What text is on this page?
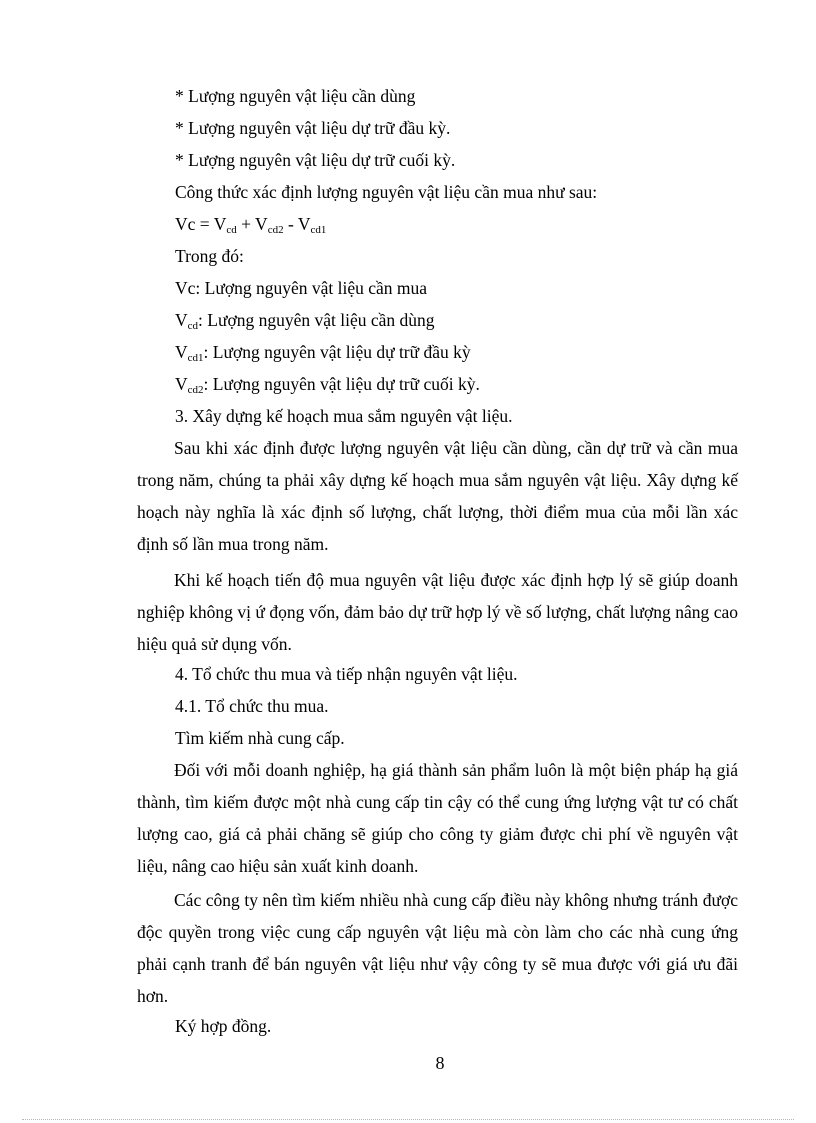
* Lượng nguyên vật liệu cần dùng
* Lượng nguyên vật liệu dự trữ đầu kỳ.
* Lượng nguyên vật liệu dự trữ cuối kỳ.
Công thức xác định lượng nguyên vật liệu cần mua như sau:
$Vc = V_{cd} + V_{cd2} - V_{cd1}$
Trong đó:
Vc: Lượng nguyên vật liệu cần mua
$V_{cd}$: Lượng nguyên vật liệu cần dùng
$V_{cd1}$: Lượng nguyên vật liệu dự trữ đầu kỳ
$V_{cd2}$: Lượng nguyên vật liệu dự trữ cuối kỳ.
3. Xây dựng kế hoạch mua sắm nguyên vật liệu.
Sau khi xác định được lượng nguyên vật liệu cần dùng, cần dự trữ và cần mua trong năm, chúng ta phải xây dựng kế hoạch mua sắm nguyên vật liệu. Xây dựng kế hoạch này nghĩa là xác định số lượng, chất lượng, thời điểm mua của mỗi lần xác định số lần mua trong năm.
Khi kế hoạch tiến độ mua nguyên vật liệu được xác định hợp lý sẽ giúp doanh nghiệp không vị ứ đọng vốn, đảm bảo dự trữ hợp lý về số lượng, chất lượng nâng cao hiệu quả sử dụng vốn.
4. Tổ chức thu mua và tiếp nhận nguyên vật liệu.
4.1. Tổ chức thu mua.
Tìm kiếm nhà cung cấp.
Đối với mỗi doanh nghiệp, hạ giá thành sản phẩm luôn là một biện pháp hạ giá thành, tìm kiếm được một nhà cung cấp tin cậy có thể cung ứng lượng vật tư có chất lượng cao, giá cả phải chăng sẽ giúp cho công ty giảm được chi phí về nguyên vật liệu, nâng cao hiệu sản xuất kinh doanh.
Các công ty nên tìm kiếm nhiều nhà cung cấp điều này không nhưng tránh được độc quyền trong việc cung cấp nguyên vật liệu mà còn làm cho các nhà cung ứng phải cạnh tranh để bán nguyên vật liệu như vậy công ty sẽ mua được với giá ưu đãi hơn.
Ký hợp đồng.
8
